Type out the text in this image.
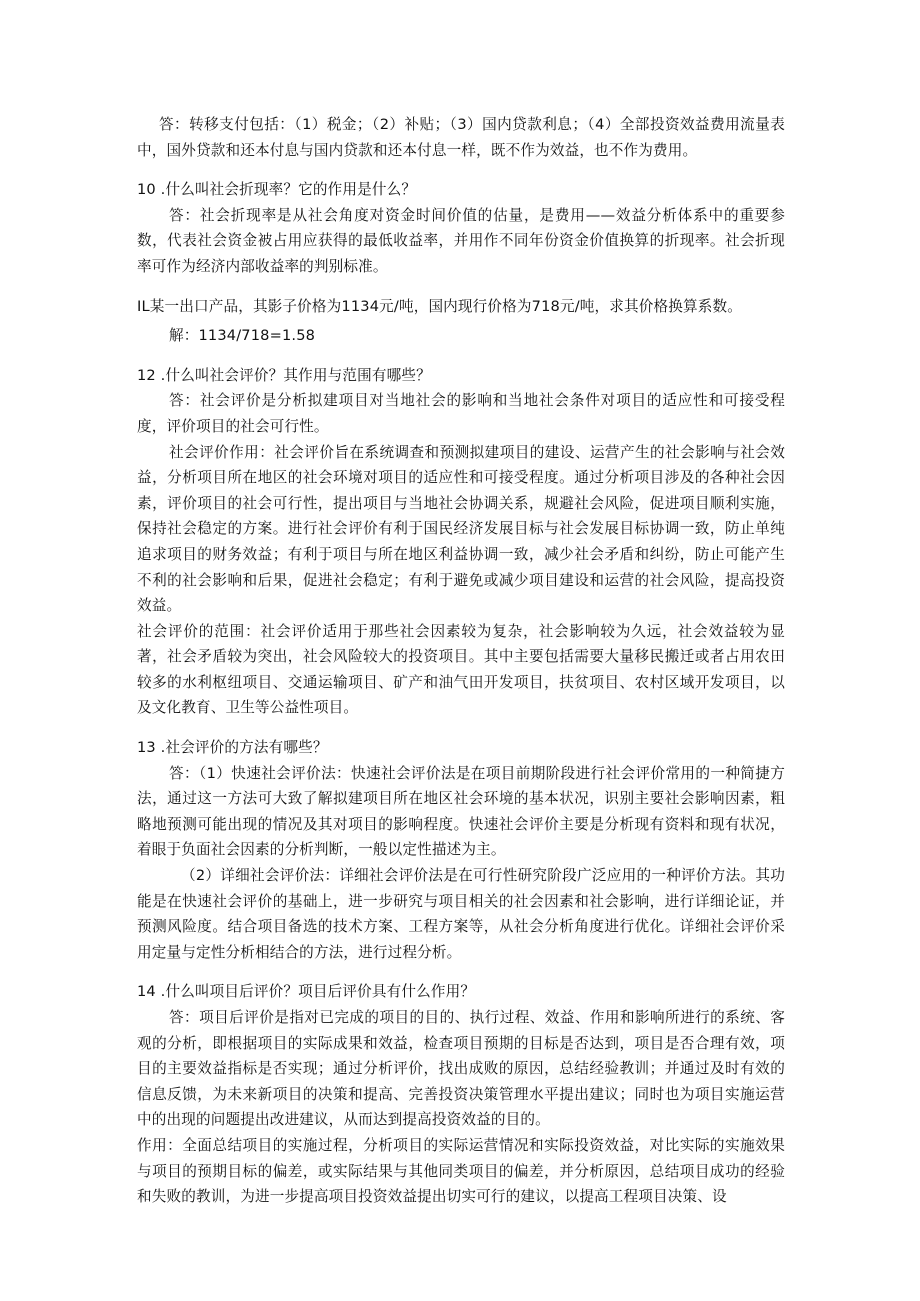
答：转移支付包括：（1）税金；（2）补贴；（3）国内贷款利息；（4）全部投资效益费用流量表中，国外贷款和还本付息与国内贷款和还本付息一样，既不作为效益，也不作为费用。

10 .什么叫社会折现率？它的作用是什么？

答：社会折现率是从社会角度对资金时间价值的估量，是费用——效益分析体系中的重要参数，代表社会资金被占用应获得的最低收益率，并用作不同年份资金价值换算的折现率。社会折现率可作为经济内部收益率的判别标准。

IL某一出口产品，其影子价格为1134元/吨，国内现行价格为718元/吨，求其价格换算系数。

解：1134/718=1.58

12 .什么叫社会评价？其作用与范围有哪些？

答：社会评价是分析拟建项目对当地社会的影响和当地社会条件对项目的适应性和可接受程度，评价项目的社会可行性。

社会评价作用：社会评价旨在系统调查和预测拟建项目的建设、运营产生的社会影响与社会效益，分析项目所在地区的社会环境对项目的适应性和可接受程度。通过分析项目涉及的各种社会因素，评价项目的社会可行性，提出项目与当地社会协调关系，规避社会风险，促进项目顺利实施，保持社会稳定的方案。进行社会评价有利于国民经济发展目标与社会发展目标协调一致，防止单纯追求项目的财务效益；有利于项目与所在地区利益协调一致，减少社会矛盾和纠纷，防止可能产生不利的社会影响和后果，促进社会稳定；有利于避免或减少项目建设和运营的社会风险，提高投资效益。

社会评价的范围：社会评价适用于那些社会因素较为复杂，社会影响较为久远，社会效益较为显著，社会矛盾较为突出，社会风险较大的投资项目。其中主要包括需要大量移民搬迁或者占用农田较多的水利枢纽项目、交通运输项目、矿产和油气田开发项目，扶贫项目、农村区域开发项目，以及文化教育、卫生等公益性项目。

13 .社会评价的方法有哪些？

答：（1）快速社会评价法：快速社会评价法是在项目前期阶段进行社会评价常用的一种简捷方法，通过这一方法可大致了解拟建项目所在地区社会环境的基本状况，识别主要社会影响因素，粗略地预测可能出现的情况及其对项目的影响程度。快速社会评价主要是分析现有资料和现有状况，着眼于负面社会因素的分析判断，一般以定性描述为主。

（2）详细社会评价法：详细社会评价法是在可行性研究阶段广泛应用的一种评价方法。其功能是在快速社会评价的基础上，进一步研究与项目相关的社会因素和社会影响，进行详细论证，并预测风险度。结合项目备选的技术方案、工程方案等，从社会分析角度进行优化。详细社会评价采用定量与定性分析相结合的方法，进行过程分析。

14 .什么叫项目后评价？项目后评价具有什么作用？

答：项目后评价是指对已完成的项目的目的、执行过程、效益、作用和影响所进行的系统、客观的分析，即根据项目的实际成果和效益，检查项目预期的目标是否达到，项目是否合理有效，项目的主要效益指标是否实现；通过分析评价，找出成败的原因，总结经验教训；并通过及时有效的信息反馈，为未来新项目的决策和提高、完善投资决策管理水平提出建议；同时也为项目实施运营中的出现的问题提出改进建议，从而达到提高投资效益的目的。

作用：全面总结项目的实施过程，分析项目的实际运营情况和实际投资效益，对比实际的实施效果与项目的预期目标的偏差，或实际结果与其他同类项目的偏差，并分析原因，总结项目成功的经验和失败的教训，为进一步提高项目投资效益提出切实可行的建议，以提高工程项目决策、设
